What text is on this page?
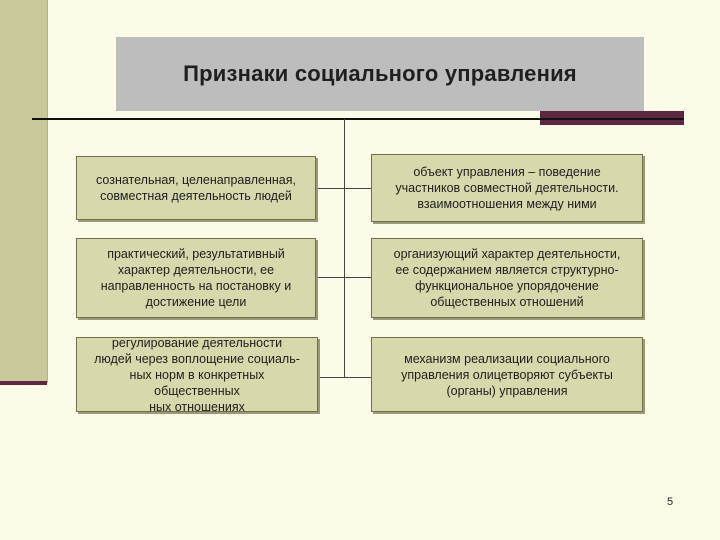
Признаки социального управления
сознательная, целенаправленная,
совместная деятельность людей
практический, результативный
характер деятельности, ее
направленность на постановку и
достижение цели
регулирование деятельности
людей через воплощение социаль-
ных норм в конкретных общественных
ных отношениях
объект управления – поведение
участников совместной деятельности.
взаимоотношения между ними
организующий характер деятельности,
ее содержанием является структурно-
функциональное упорядочение
общественных отношений
механизм реализации социального
управления олицетворяют субъекты
(органы) управления
5
